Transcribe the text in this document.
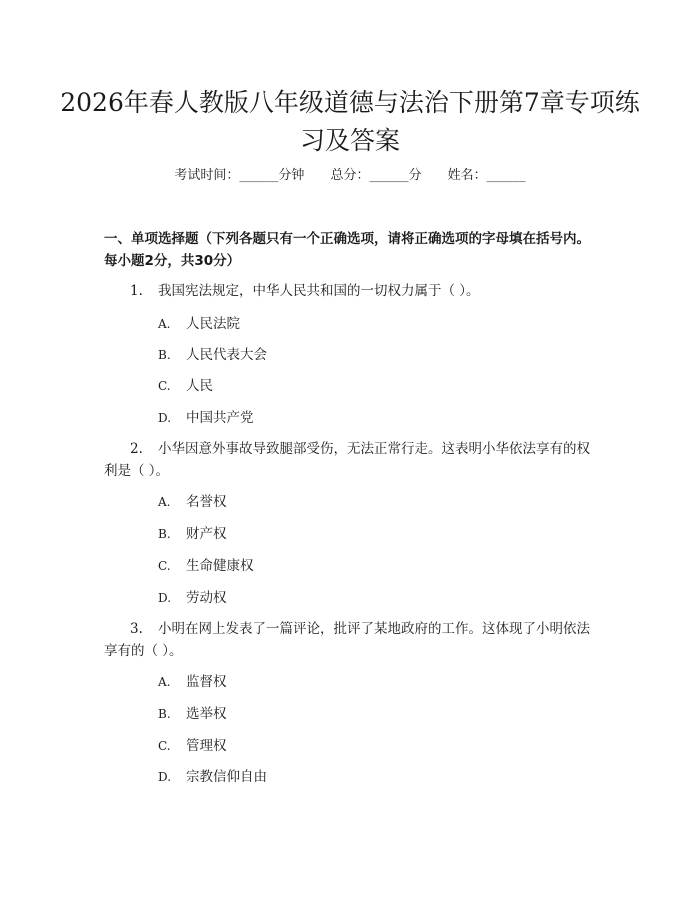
2026年春人教版八年级道德与法治下册第7章专项练习及答案
考试时间：______分钟 总分：______分 姓名：______

一、单项选择题（下列各题只有一个正确选项，请将正确选项的字母填在括号内。每小题2分，共30分）

1. 我国宪法规定，中华人民共和国的一切权力属于（ ）。

A. 人民法院

B. 人民代表大会

C. 人民

D. 中国共产党

2. 小华因意外事故导致腿部受伤，无法正常行走。这表明小华依法享有的权利是（ ）。

A. 名誉权

B. 财产权

C. 生命健康权

D. 劳动权

3. 小明在网上发表了一篇评论，批评了某地政府的工作。这体现了小明依法享有的（ ）。

A. 监督权

B. 选举权

C. 管理权

D. 宗教信仰自由
